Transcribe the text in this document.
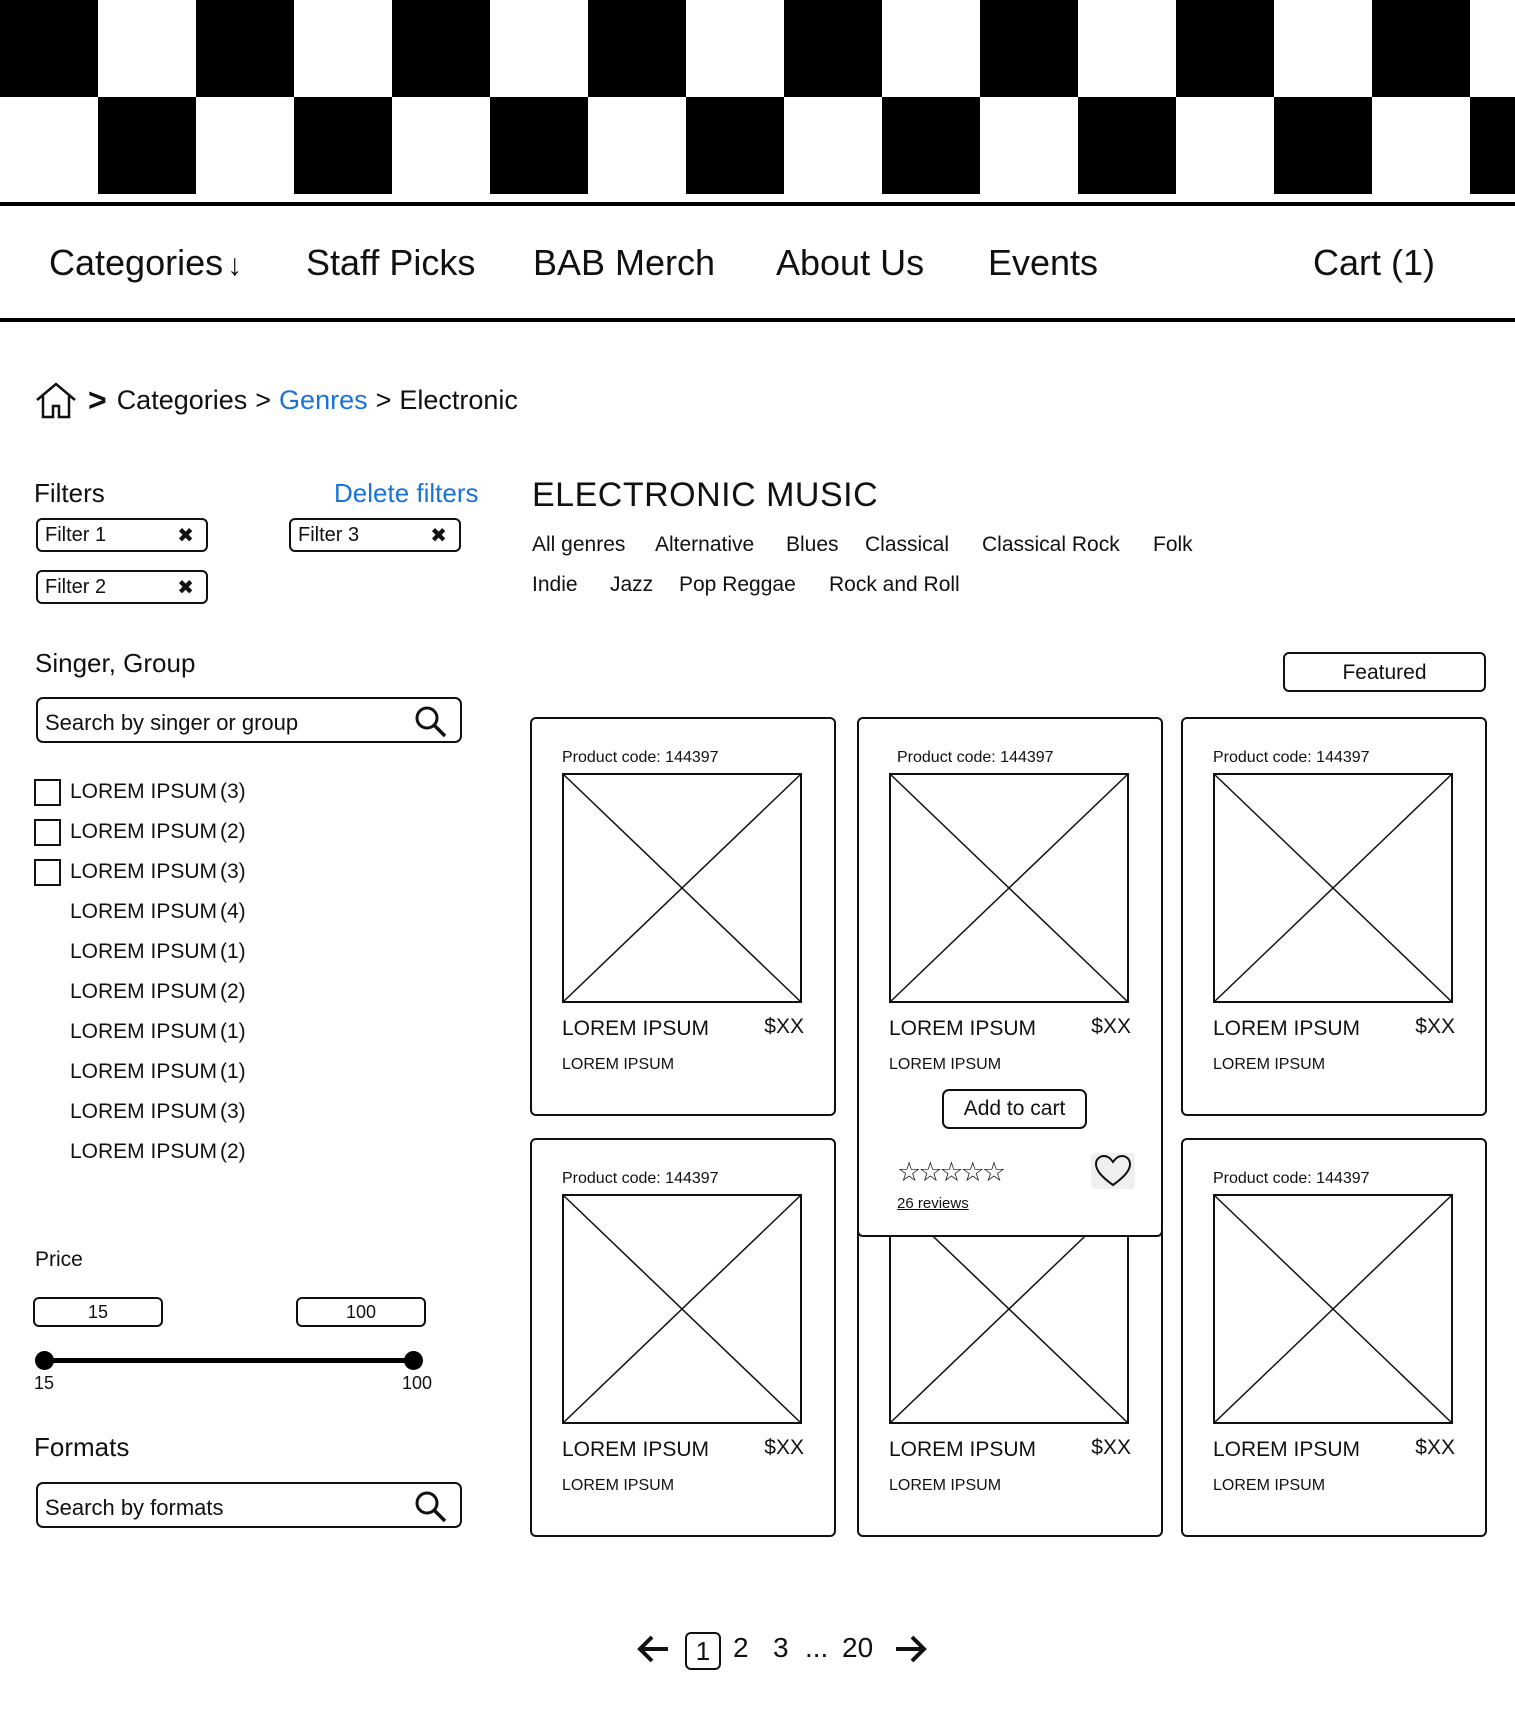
Categories ↓ Staff Picks BAB Merch About Us Events	Cart (1)
> Categories > Genres > Electronic
Filters	Delete filters
Filter 1	✖	Filter 3	✖
Filter 2	✖
Singer, Group
Search by singer or group
LOREM IPSUM (3)
LOREM IPSUM (2)
LOREM IPSUM (3)
LOREM IPSUM (4)
LOREM IPSUM (1)
LOREM IPSUM (2)
LOREM IPSUM (1)
LOREM IPSUM (1)
LOREM IPSUM (3)
LOREM IPSUM (2)
Price
15	100
15	100
Formats
Search by formats
ELECTRONIC MUSIC
All genres Alternative Blues Classical Classical Rock Folk
Indie Jazz Pop Reggae Rock and Roll
Featured
Product code: 144397
LOREM IPSUM	$XX
LOREM IPSUM
Product code: 144397
LOREM IPSUM	$XX
LOREM IPSUM
Product code: 144397
LOREM IPSUM	$XX
LOREM IPSUM
LOREM IPSUM	$XX
LOREM IPSUM
Product code: 144397
LOREM IPSUM	$XX
LOREM IPSUM
Product code: 144397
LOREM IPSUM	$XX
LOREM IPSUM
Add to cart
☆☆☆☆☆
26 reviews
1 2 3 ... 20
